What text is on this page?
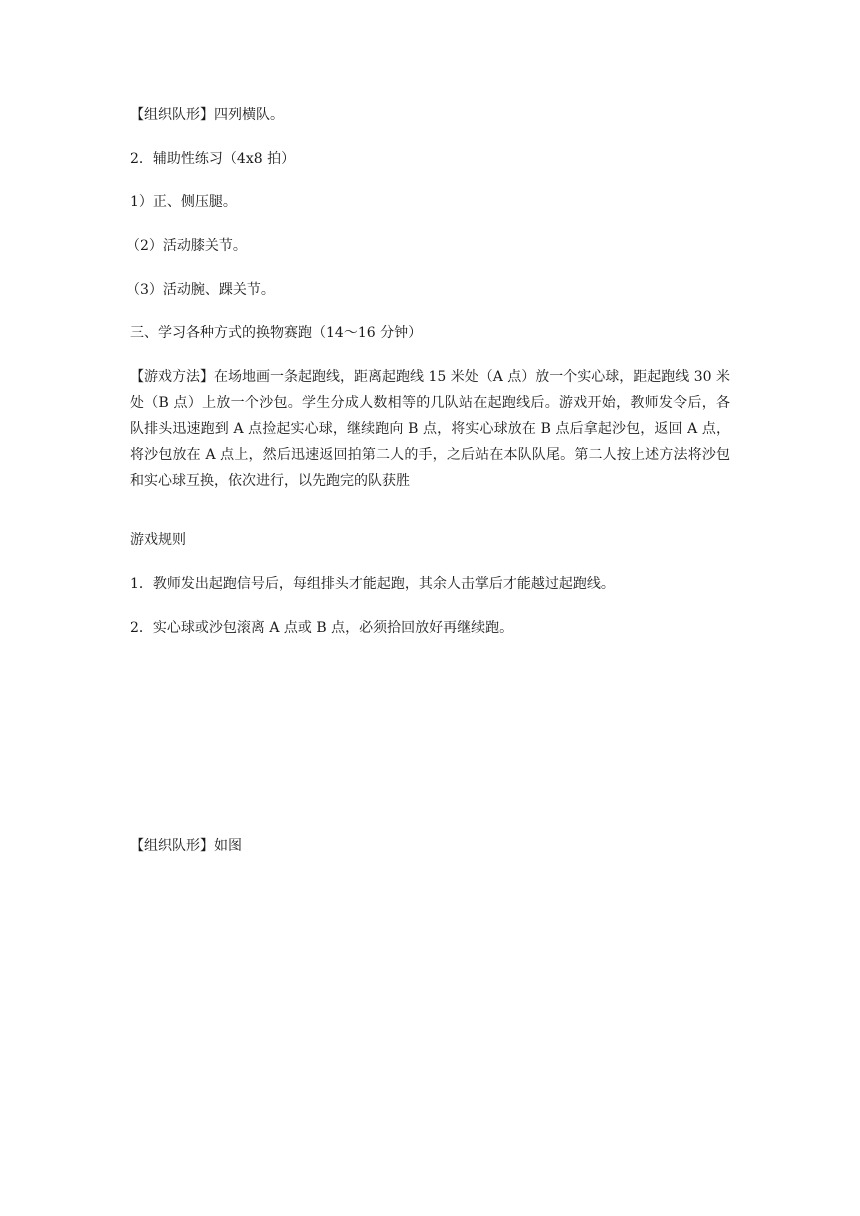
【组织队形】四列横队。
2．辅助性练习（4x8 拍）
1）正、侧压腿。
（2）活动膝关节。
（3）活动腕、踝关节。
三、学习各种方式的换物赛跑（14～16 分钟）
【游戏方法】在场地画一条起跑线，距离起跑线 15 米处（A 点）放一个实心球，距起跑线 30 米处（B 点）上放一个沙包。学生分成人数相等的几队站在起跑线后。游戏开始，教师发令后，各队排头迅速跑到 A 点捡起实心球，继续跑向 B 点，将实心球放在 B 点后拿起沙包，返回 A 点，将沙包放在 A 点上，然后迅速返回拍第二人的手，之后站在本队队尾。第二人按上述方法将沙包和实心球互换，依次进行，以先跑完的队获胜
游戏规则
1．教师发出起跑信号后，每组排头才能起跑，其余人击掌后才能越过起跑线。
2．实心球或沙包滚离 A 点或 B 点，必须拾回放好再继续跑。
【组织队形】如图
